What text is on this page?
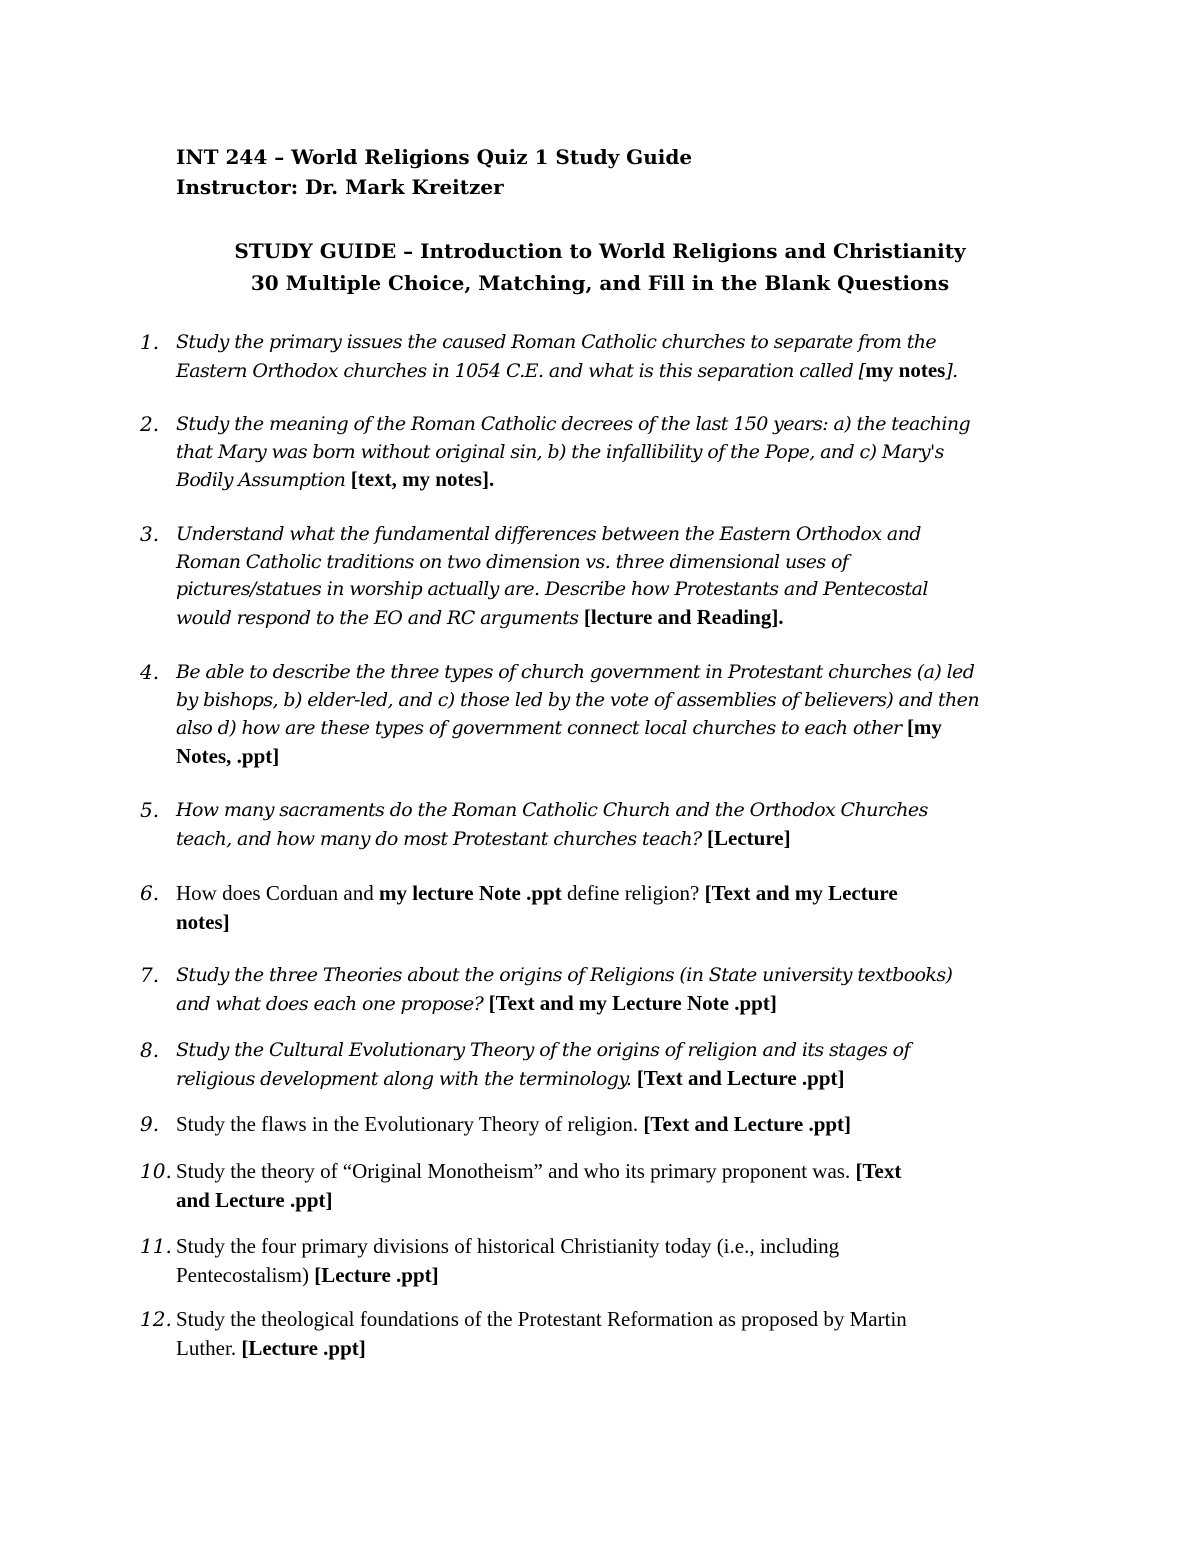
INT 244 – World Religions Quiz 1 Study Guide
Instructor: Dr. Mark Kreitzer
STUDY GUIDE – Introduction to World Religions and Christianity
30 Multiple Choice, Matching, and Fill in the Blank Questions
1. Study the primary issues the caused Roman Catholic churches to separate from the
Eastern Orthodox churches in 1054 C.E. and what is this separation called [my notes].
2. Study the meaning of the Roman Catholic decrees of the last 150 years: a) the teaching
that Mary was born without original sin, b) the infallibility of the Pope, and c) Mary's
Bodily Assumption [text, my notes].
3. Understand what the fundamental differences between the Eastern Orthodox and
Roman Catholic traditions on two dimension vs. three dimensional uses of
pictures/statues in worship actually are. Describe how Protestants and Pentecostal
would respond to the EO and RC arguments [lecture and Reading].
4. Be able to describe the three types of church government in Protestant churches (a) led
by bishops, b) elder-led, and c) those led by the vote of assemblies of believers) and then
also d) how are these types of government connect local churches to each other [my
Notes, .ppt]
5. How many sacraments do the Roman Catholic Church and the Orthodox Churches
teach, and how many do most Protestant churches teach? [Lecture]
6. How does Corduan and my lecture Note .ppt define religion? [Text and my Lecture
notes]
7. Study the three Theories about the origins of Religions (in State university textbooks)
and what does each one propose? [Text and my Lecture Note .ppt]
8. Study the Cultural Evolutionary Theory of the origins of religion and its stages of
religious development along with the terminology. [Text and Lecture .ppt]
9. Study the flaws in the Evolutionary Theory of religion. [Text and Lecture .ppt]
10. Study the theory of “Original Monotheism” and who its primary proponent was. [Text
and Lecture .ppt]
11. Study the four primary divisions of historical Christianity today (i.e., including
Pentecostalism) [Lecture .ppt]
12. Study the theological foundations of the Protestant Reformation as proposed by Martin
Luther. [Lecture .ppt]
